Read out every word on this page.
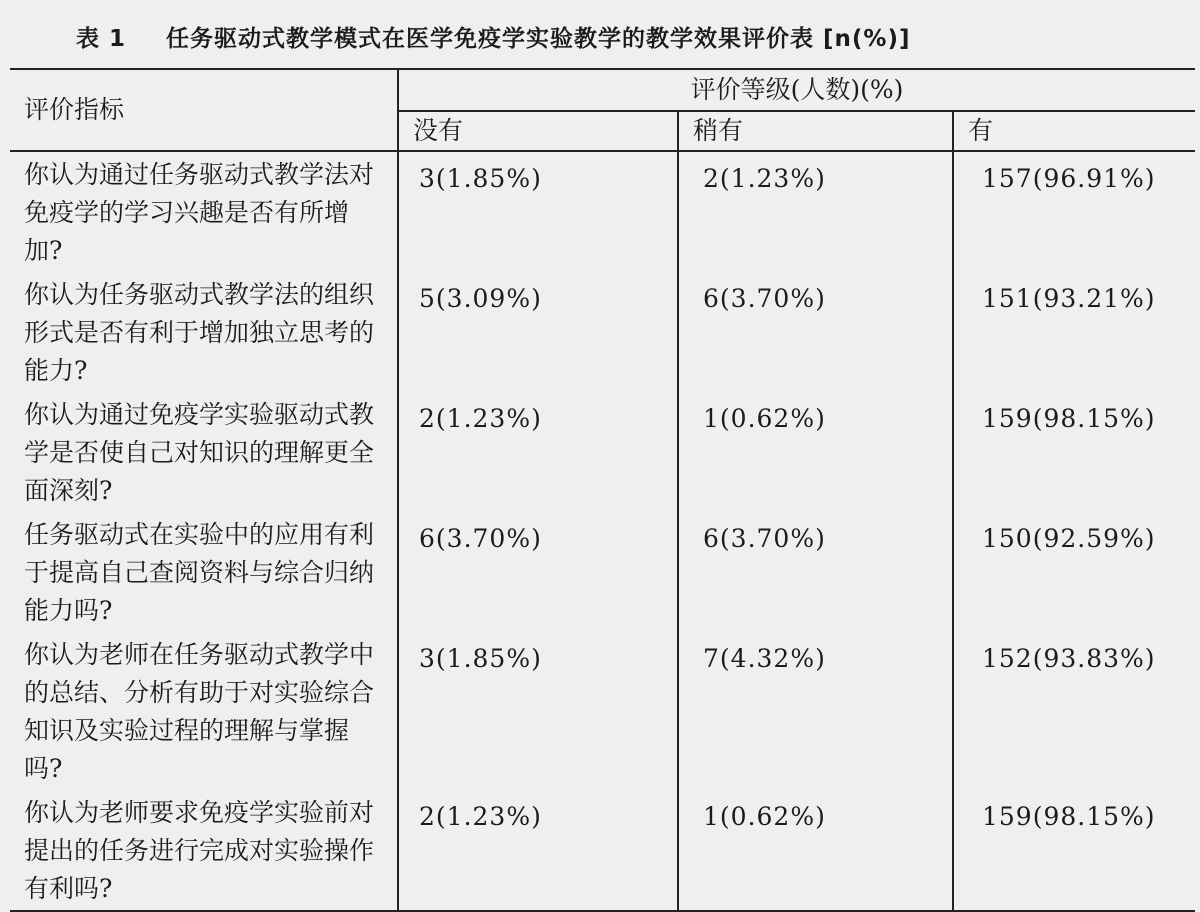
表 1 任务驱动式教学模式在医学免疫学实验教学的教学效果评价表 [n(%)]
评价指标	评价等级(人数)(%)		
	没有	稍有	有
你认为通过任务驱动式教学法对免疫学的学习兴趣是否有所增加?	3(1.85%)	2(1.23%)	157(96.91%)
你认为任务驱动式教学法的组织形式是否有利于增加独立思考的能力?	5(3.09%)	6(3.70%)	151(93.21%)
你认为通过免疫学实验驱动式教学是否使自己对知识的理解更全面深刻?	2(1.23%)	1(0.62%)	159(98.15%)
任务驱动式在实验中的应用有利于提高自己查阅资料与综合归纳能力吗?	6(3.70%)	6(3.70%)	150(92.59%)
你认为老师在任务驱动式教学中的总结、分析有助于对实验综合知识及实验过程的理解与掌握吗?	3(1.85%)	7(4.32%)	152(93.83%)
你认为老师要求免疫学实验前对提出的任务进行完成对实验操作有利吗?	2(1.23%)	1(0.62%)	159(98.15%)
